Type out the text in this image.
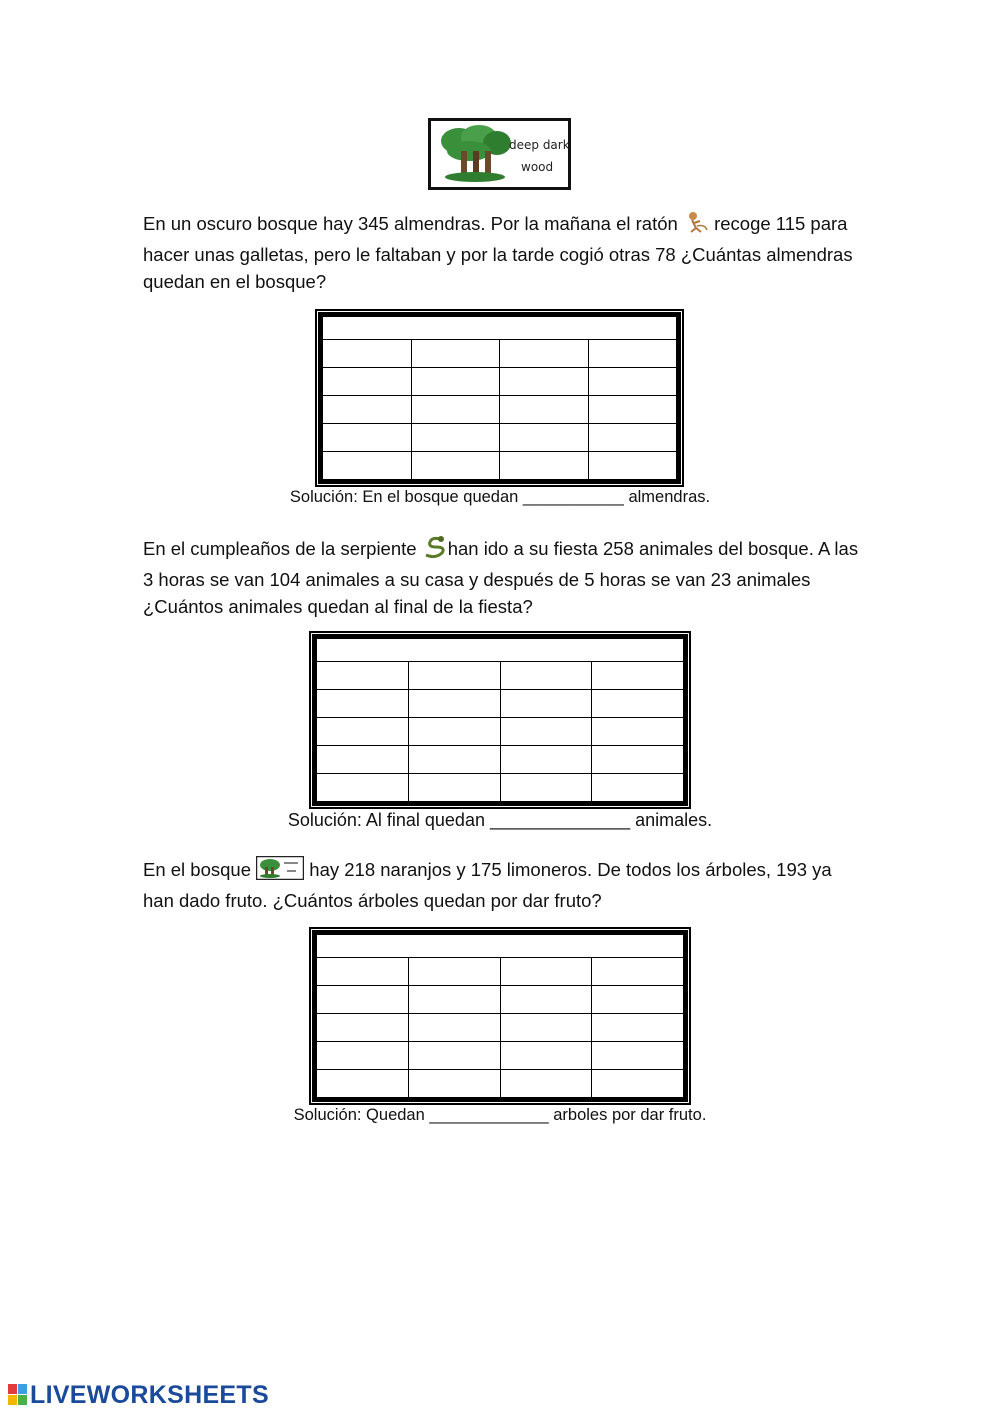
deep dark
wood

En un oscuro bosque hay 345 almendras. Por la mañana el ratón  recoge 115 para hacer unas galletas, pero le faltaban y por la tarde cogió otras 78 ¿Cuántas almendras quedan en el bosque?

Solución: En el bosque quedan ___________ almendras.

En el cumpleaños de la serpiente han ido a su fiesta 258 animales del bosque. A las 3 horas se van 104 animales a su casa y después de 5 horas se van 23 animales ¿Cuántos animales quedan al final de la fiesta?

Solución: Al final quedan ______________ animales.

En el bosque	hay 218 naranjos y 175 limoneros. De todos los árboles, 193 ya han dado fruto. ¿Cuántos árboles quedan por dar fruto?

Solución: Quedan _____________ arboles por dar fruto.
LIVEWORKSHEETS
